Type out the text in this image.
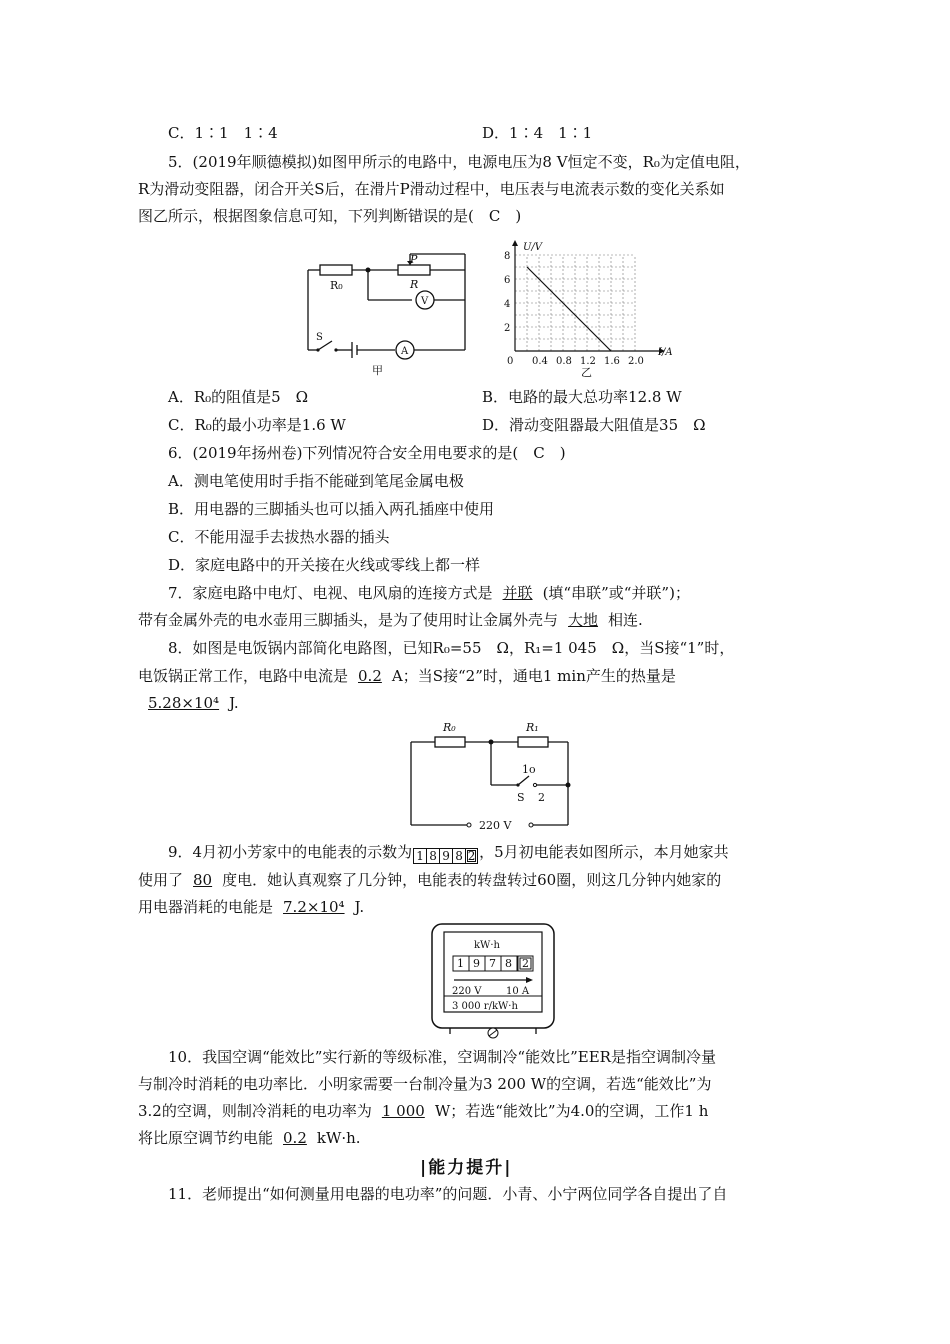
C．1∶1　1∶4	D．1∶4　1∶1
5．(2019年顺德模拟)如图甲所示的电路中，电源电压为8 V恒定不变，R₀为定值电阻，
R为滑动变阻器，闭合开关S后，在滑片P滑动过程中，电压表与电流表示数的变化关系如
图乙所示，根据图象信息可知，下列判断错误的是(　C　)
R₀
P
R
V
A
S
甲
0 0.4 0.8 1.2 1.6 2.0
2
4
6
8
U/V
I/A
乙
A．R₀的阻值是5　Ω	B．电路的最大总功率12.8 W
C．R₀的最小功率是1.6 W	D．滑动变阻器最大阻值是35　Ω
6．(2019年扬州卷)下列情况符合安全用电要求的是(　C　)
A．测电笔使用时手指不能碰到笔尾金属电极
B．用电器的三脚插头也可以插入两孔插座中使用
C．不能用湿手去拔热水器的插头
D．家庭电路中的开关接在火线或零线上都一样
7．家庭电路中电灯、电视、电风扇的连接方式是 并联 (填“串联”或“并联”)；
带有金属外壳的电水壶用三脚插头，是为了使用时让金属外壳与 大地 相连.
8．如图是电饭锅内部简化电路图，已知R₀=55　Ω，R₁=1 045　Ω，当S接“1”时，
电饭锅正常工作，电路中电流是 0.2 A；当S接“2”时，通电1 min产生的热量是
5.28×10⁴ J.
R₀	R₁
1o
S 2
220 V
9．4月初小芳家中的电能表的示数为 1 8 9 8 2 ，5月初电能表如图所示，本月她家共
使用了 80 度电．她认真观察了几分钟，电能表的转盘转过60圈，则这几分钟内她家的
用电器消耗的电能是 7.2×10⁴ J.
kW·h
1 9 7 8 2
220 V 10 A
3 000 r/kW·h
10．我国空调“能效比”实行新的等级标准，空调制冷“能效比”EER是指空调制冷量
与制冷时消耗的电功率比．小明家需要一台制冷量为3 200 W的空调，若选“能效比”为
3.2的空调，则制冷消耗的电功率为 1 000 W；若选“能效比”为4.0的空调，工作1 h
将比原空调节约电能 0.2 kW·h.
|能力提升|
11．老师提出“如何测量用电器的电功率”的问题．小青、小宁两位同学各自提出了自
